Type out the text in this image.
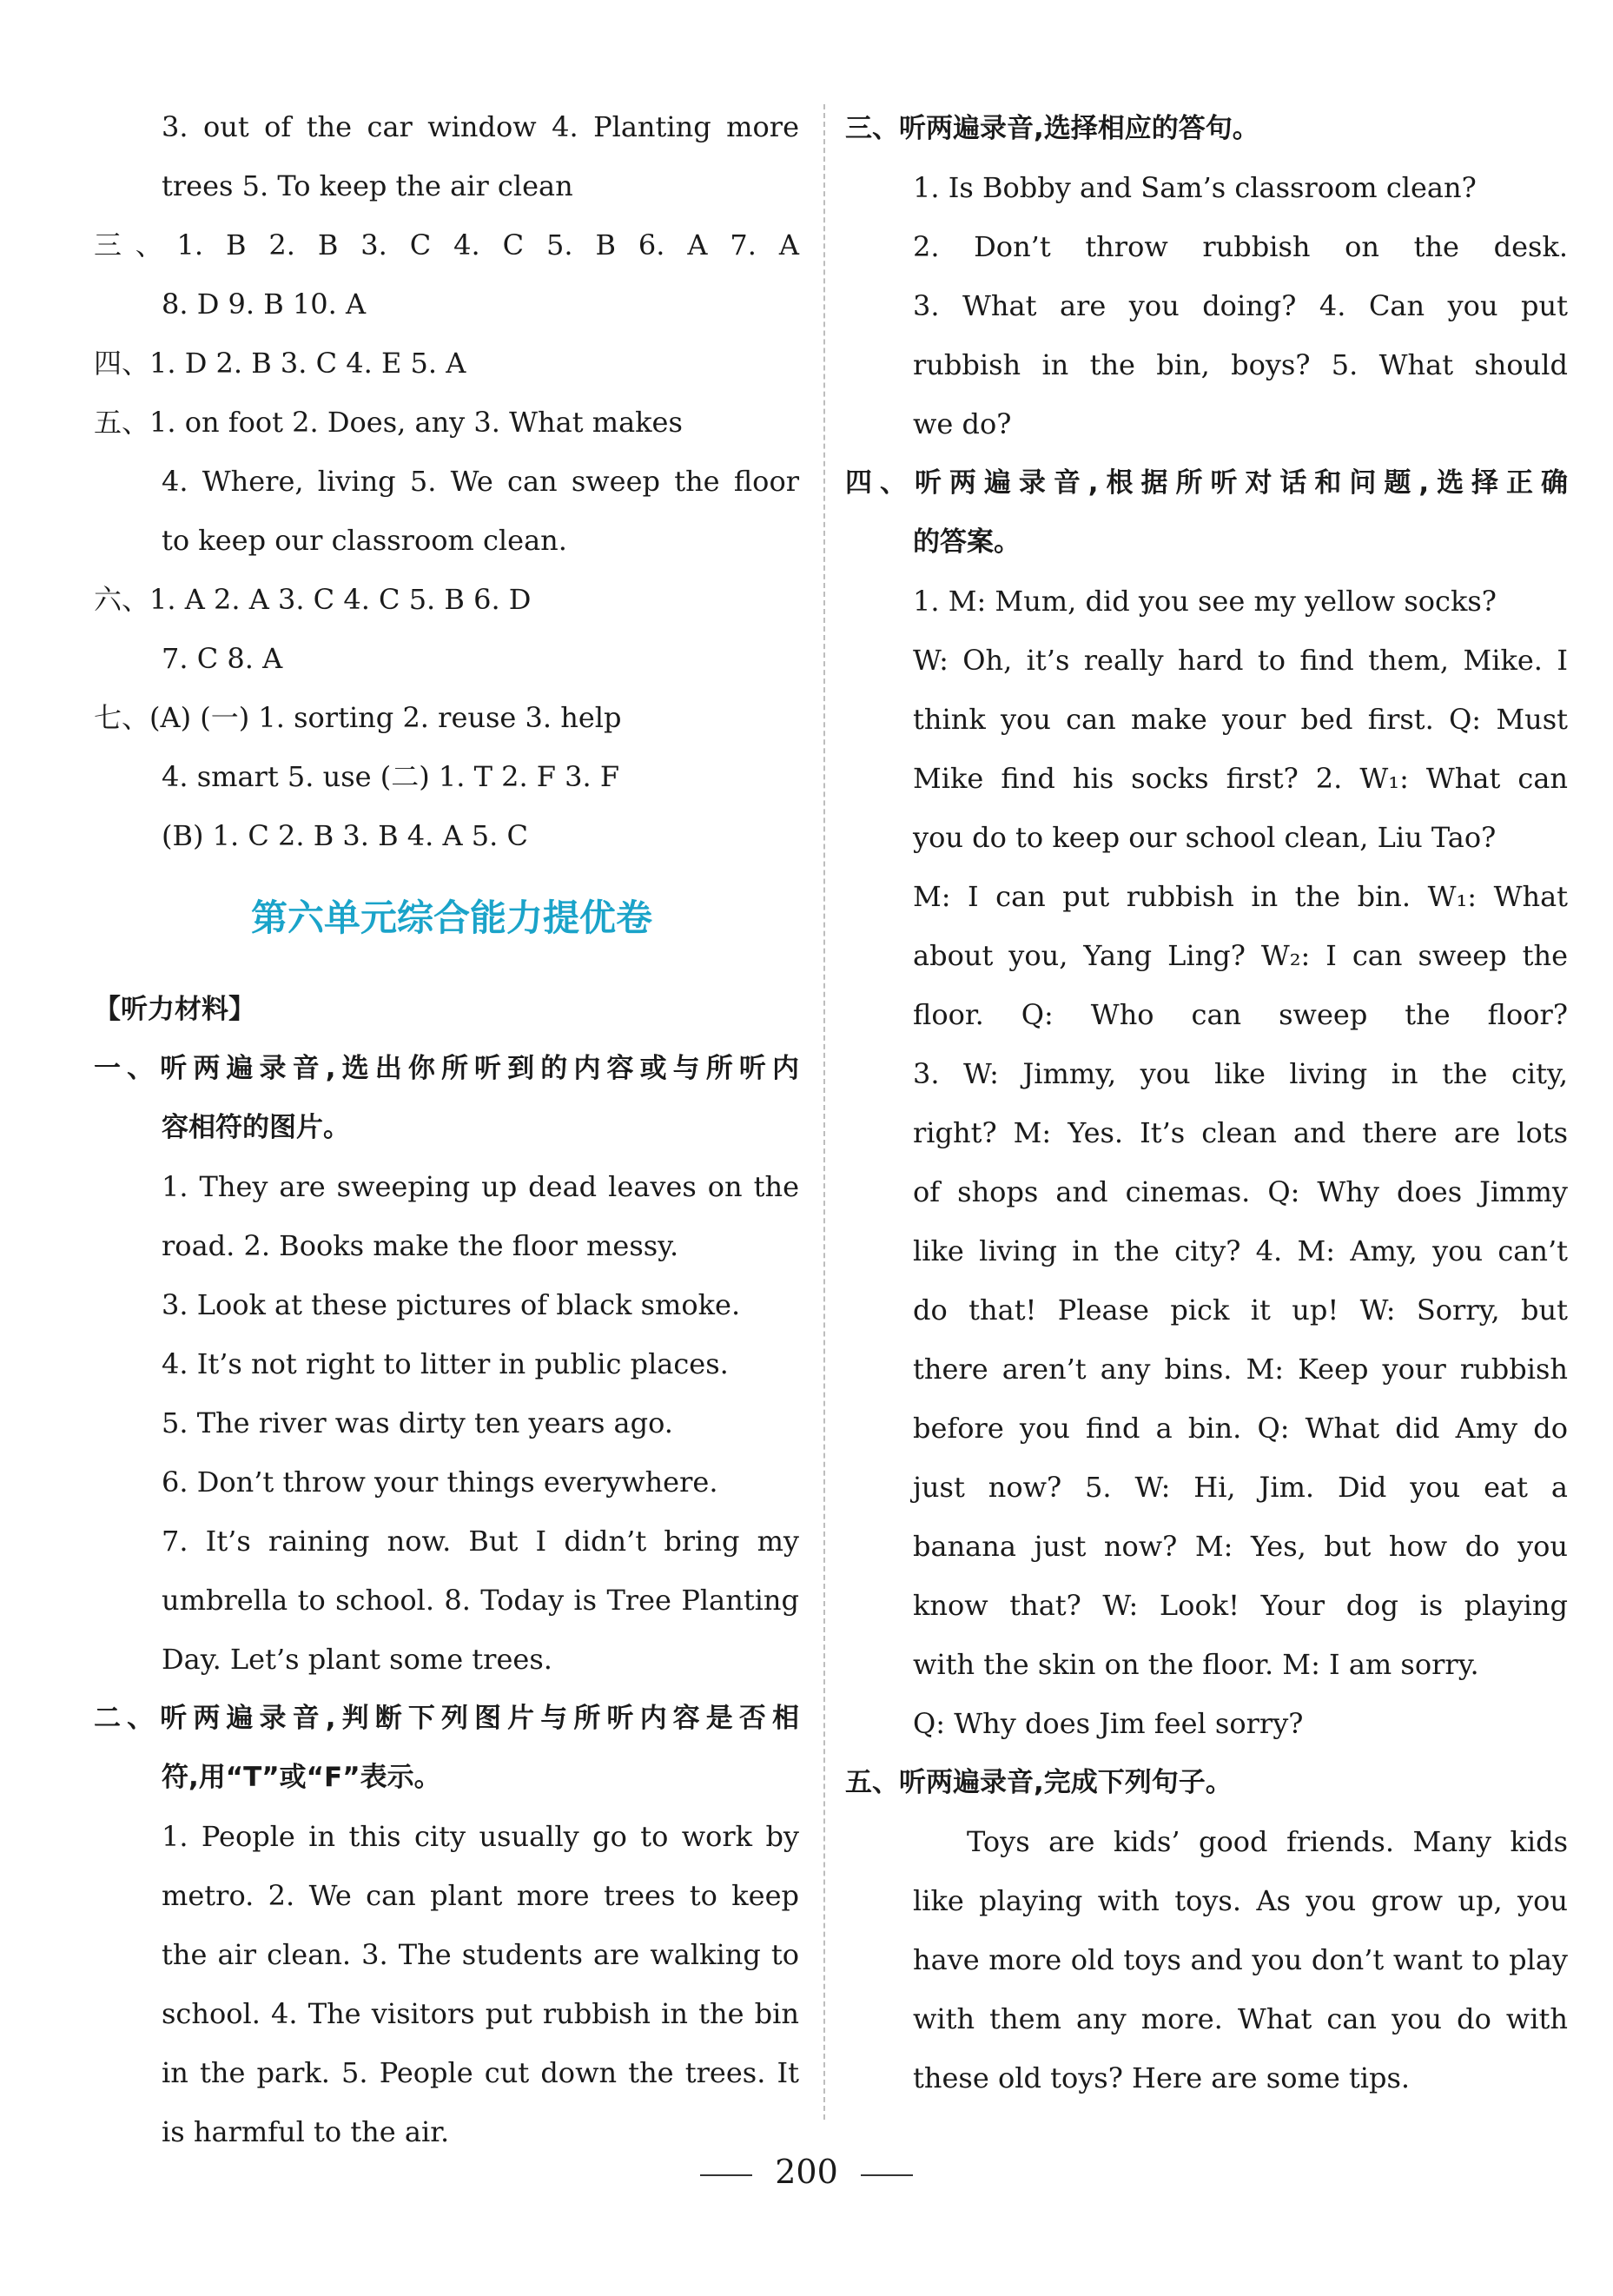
3. out of the car window 4. Planting more
trees 5. To keep the air clean
三、1. B 2. B 3. C 4. C 5. B 6. A 7. A
8. D 9. B 10. A
四、1. D 2. B 3. C 4. E 5. A
五、1. on foot 2. Does, any 3. What makes
4. Where, living 5. We can sweep the floor
to keep our classroom clean.
六、1. A 2. A 3. C 4. C 5. B 6. D
7. C 8. A
七、(A) (一) 1. sorting 2. reuse 3. help
4. smart 5. use (二) 1. T 2. F 3. F
(B) 1. C 2. B 3. B 4. A 5. C
第六单元综合能力提优卷
【听力材料】
一、听两遍录音,选出你所听到的内容或与所听内
容相符的图片。
1. They are sweeping up dead leaves on the
road. 2. Books make the floor messy.
3. Look at these pictures of black smoke.
4. It’s not right to litter in public places.
5. The river was dirty ten years ago.
6. Don’t throw your things everywhere.
7. It’s raining now. But I didn’t bring my
umbrella to school. 8. Today is Tree Planting
Day. Let’s plant some trees.
二、听两遍录音,判断下列图片与所听内容是否相
符,用“T”或“F”表示。
1. People in this city usually go to work by
metro. 2. We can plant more trees to keep
the air clean. 3. The students are walking to
school. 4. The visitors put rubbish in the bin
in the park. 5. People cut down the trees. It
is harmful to the air.
三、听两遍录音,选择相应的答句。
1. Is Bobby and Sam’s classroom clean?
2. Don’t throw rubbish on the desk.
3. What are you doing? 4. Can you put
rubbish in the bin, boys? 5. What should
we do?
四、听两遍录音,根据所听对话和问题,选择正确
的答案。
1. M: Mum, did you see my yellow socks?
W: Oh, it’s really hard to find them, Mike. I
think you can make your bed first. Q: Must
Mike find his socks first? 2. W₁: What can
you do to keep our school clean, Liu Tao?
M: I can put rubbish in the bin. W₁: What
about you, Yang Ling? W₂: I can sweep the
floor. Q: Who can sweep the floor?
3. W: Jimmy, you like living in the city,
right? M: Yes. It’s clean and there are lots
of shops and cinemas. Q: Why does Jimmy
like living in the city? 4. M: Amy, you can’t
do that! Please pick it up! W: Sorry, but
there aren’t any bins. M: Keep your rubbish
before you find a bin. Q: What did Amy do
just now? 5. W: Hi, Jim. Did you eat a
banana just now? M: Yes, but how do you
know that? W: Look! Your dog is playing
with the skin on the floor. M: I am sorry.
Q: Why does Jim feel sorry?
五、听两遍录音,完成下列句子。
Toys are kids’ good friends. Many kids
like playing with toys. As you grow up, you
have more old toys and you don’t want to play
with them any more. What can you do with
these old toys? Here are some tips.
200
